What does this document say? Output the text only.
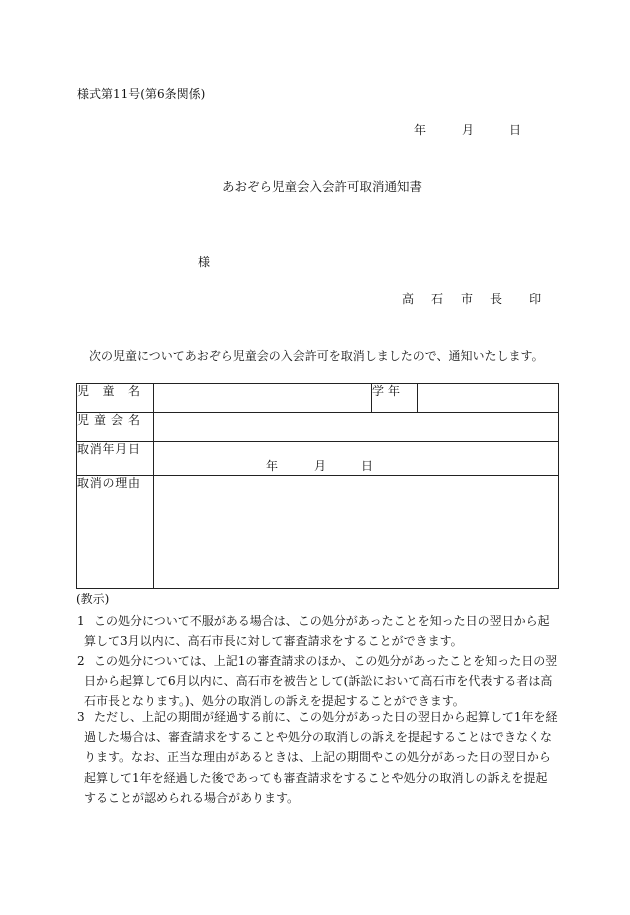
様式第11号(第6条関係)
年	月	日
あおぞら児童会入会許可取消通知書
様
高 石 市 長 印
次の児童についてあおぞら児童会の入会許可を取消しましたので、通知いたします。
児 童 名		学 年	

児 童 会 名			

取 消 年 月 日	年 月 日		

取 消 の 理 由			

(教示)
1 この処分について不服がある場合は、この処分があったことを知った日の翌日から起算して3月以内に、高石市長に対して審査請求をすることができます。
2 この処分については、上記1の審査請求のほか、この処分があったことを知った日の翌日から起算して6月以内に、高石市を被告として(訴訟において高石市を代表する者は高石市長となります。)、処分の取消しの訴えを提起することができます。
3 ただし、上記の期間が経過する前に、この処分があった日の翌日から起算して1年を経過した場合は、審査請求をすることや処分の取消しの訴えを提起することはできなくなります。なお、正当な理由があるときは、上記の期間やこの処分があった日の翌日から起算して1年を経過した後であっても審査請求をすることや処分の取消しの訴えを提起することが認められる場合があります。
